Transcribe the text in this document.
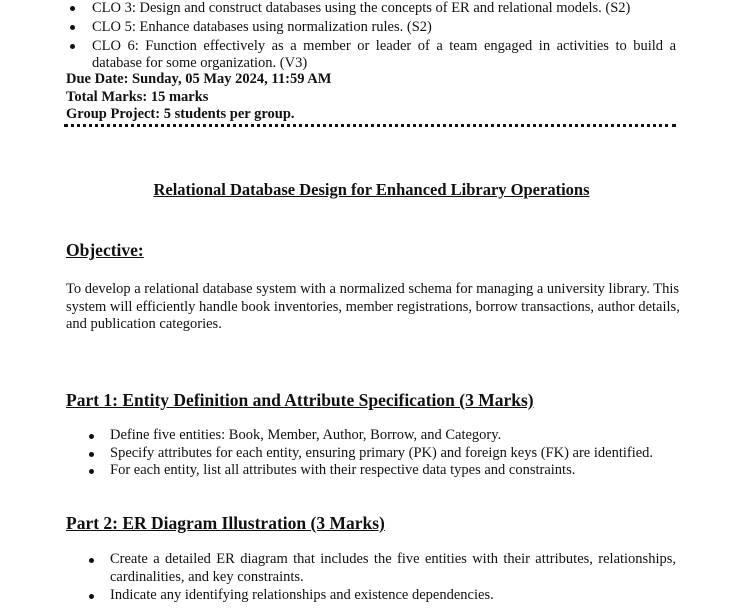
CLO 3: Design and construct databases using the concepts of ER and relational models. (S2)
CLO 5: Enhance databases using normalization rules. (S2)
CLO 6: Function effectively as a member or leader of a team engaged in activities to build a database for some organization. (V3)
Due Date: Sunday, 05 May 2024, 11:59 AM
Total Marks: 15 marks
Group Project: 5 students per group.
Relational Database Design for Enhanced Library Operations
Objective:
To develop a relational database system with a normalized schema for managing a university library. This system will efficiently handle book inventories, member registrations, borrow transactions, author details, and publication categories.
Part 1: Entity Definition and Attribute Specification (3 Marks)
Define five entities: Book, Member, Author, Borrow, and Category.
Specify attributes for each entity, ensuring primary (PK) and foreign keys (FK) are identified.
For each entity, list all attributes with their respective data types and constraints.
Part 2: ER Diagram Illustration (3 Marks)
Create a detailed ER diagram that includes the five entities with their attributes, relationships, cardinalities, and key constraints.
Indicate any identifying relationships and existence dependencies.
